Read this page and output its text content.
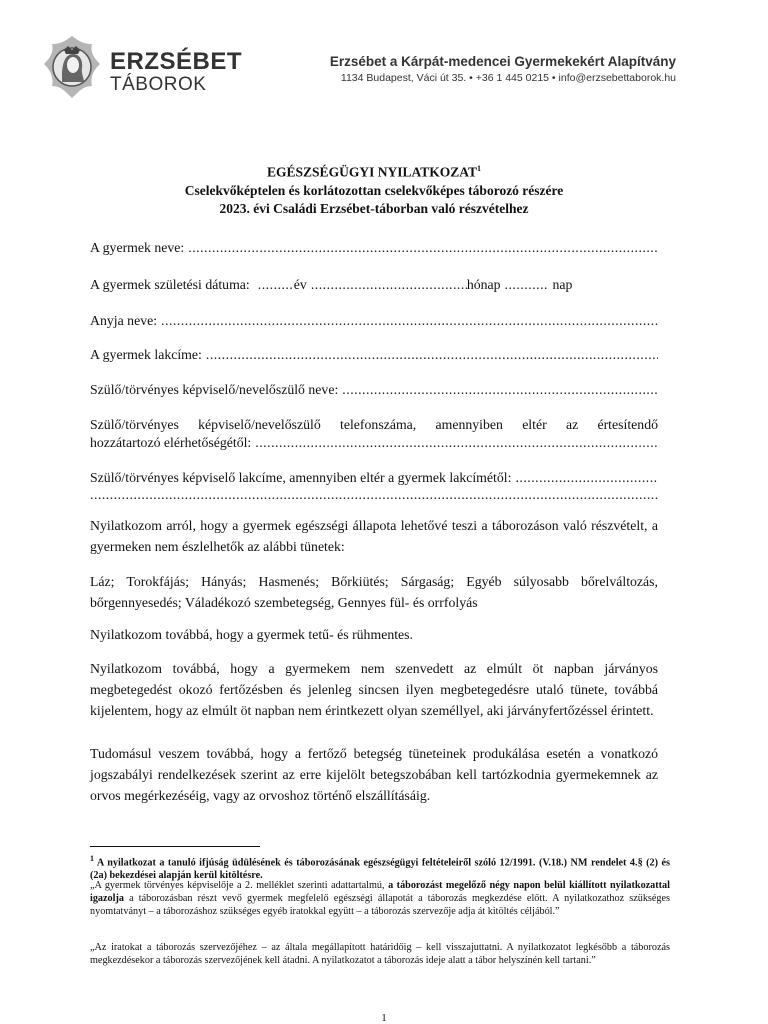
ERZSÉBET
TÁBOROK
Erzsébet a Kárpát-medencei Gyermekekért Alapítvány
1134 Budapest, Váci út 35. • +36 1 445 0215 • info@erzsebettaborok.hu
EGÉSZSÉGÜGYI NYILATKOZAT$^1$
Cselekvőképtelen és korlátozottan cselekvőképes táborozó részére
2023. évi Családi Erzsébet-táborban való részvételhez
A gyermek neve:
.....
A gyermek születési dátuma: .....	év .....	hónap .....	nap
Anyja neve:
.....
A gyermek lakcíme:
.....
Szülő/törvényes képviselő/nevelőszülő neve:
.....
Szülő/törvényes képviselő/nevelőszülő telefonszáma, amennyiben eltér az értesítendő
hozzátartozó elérhetőségétől:
.....
Szülő/törvényes képviselő lakcíme, amennyiben eltér a gyermek lakcímétől:
.....
.....
Nyilatkozom arról, hogy a gyermek egészségi állapota lehetővé teszi a táborozáson való részvételt, a gyermeken nem észlelhetők az alábbi tünetek:
Láz; Torokfájás; Hányás; Hasmenés; Bőrkiütés; Sárgaság; Egyéb súlyosabb bőrelváltozás, bőrgennyesedés; Váladékozó szembetegség, Gennyes fül- és orrfolyás
Nyilatkozom továbbá, hogy a gyermek tetű- és rühmentes.
Nyilatkozom továbbá, hogy a gyermekem nem szenvedett az elmúlt öt napban járványos megbetegedést okozó fertőzésben és jelenleg sincsen ilyen megbetegedésre utaló tünete, továbbá kijelentem, hogy az elmúlt öt napban nem érintkezett olyan személlyel, aki járványfertőzéssel érintett.
Tudomásul veszem továbbá, hogy a fertőző betegség tüneteinek produkálása esetén a vonatkozó jogszabályi rendelkezések szerint az erre kijelölt betegszobában kell tartózkodnia gyermekemnek az orvos megérkezéséig, vagy az orvoshoz történő elszállításáig.
$^1$ A nyilatkozat a tanuló ifjúság üdülésének és táborozásának egészségügyi feltételeiről szóló 12/1991. (V.18.) NM rendelet 4.§ (2) és (2a) bekezdései alapján kerül kitöltésre.
„A gyermek törvényes képviselője a 2. melléklet szerinti adattartalmú, a táborozást megelőző négy napon belül kiállított nyilatkozattal igazolja a táborozásban részt vevő gyermek megfelelő egészségi állapotát a táborozás megkezdése előtt. A nyilatkozathoz szükséges nyomtatványt – a táborozáshoz szükséges egyéb iratokkal együtt – a táborozás szervezője adja át kitöltés céljából.”
„Az iratokat a táborozás szervezőjéhez – az általa megállapított határidőig – kell visszajuttatni. A nyilatkozatot legkésőbb a táborozás megkezdésekor a táborozás szervezőjének kell átadni. A nyilatkozatot a táborozás ideje alatt a tábor helyszínén kell tartani.”
1
